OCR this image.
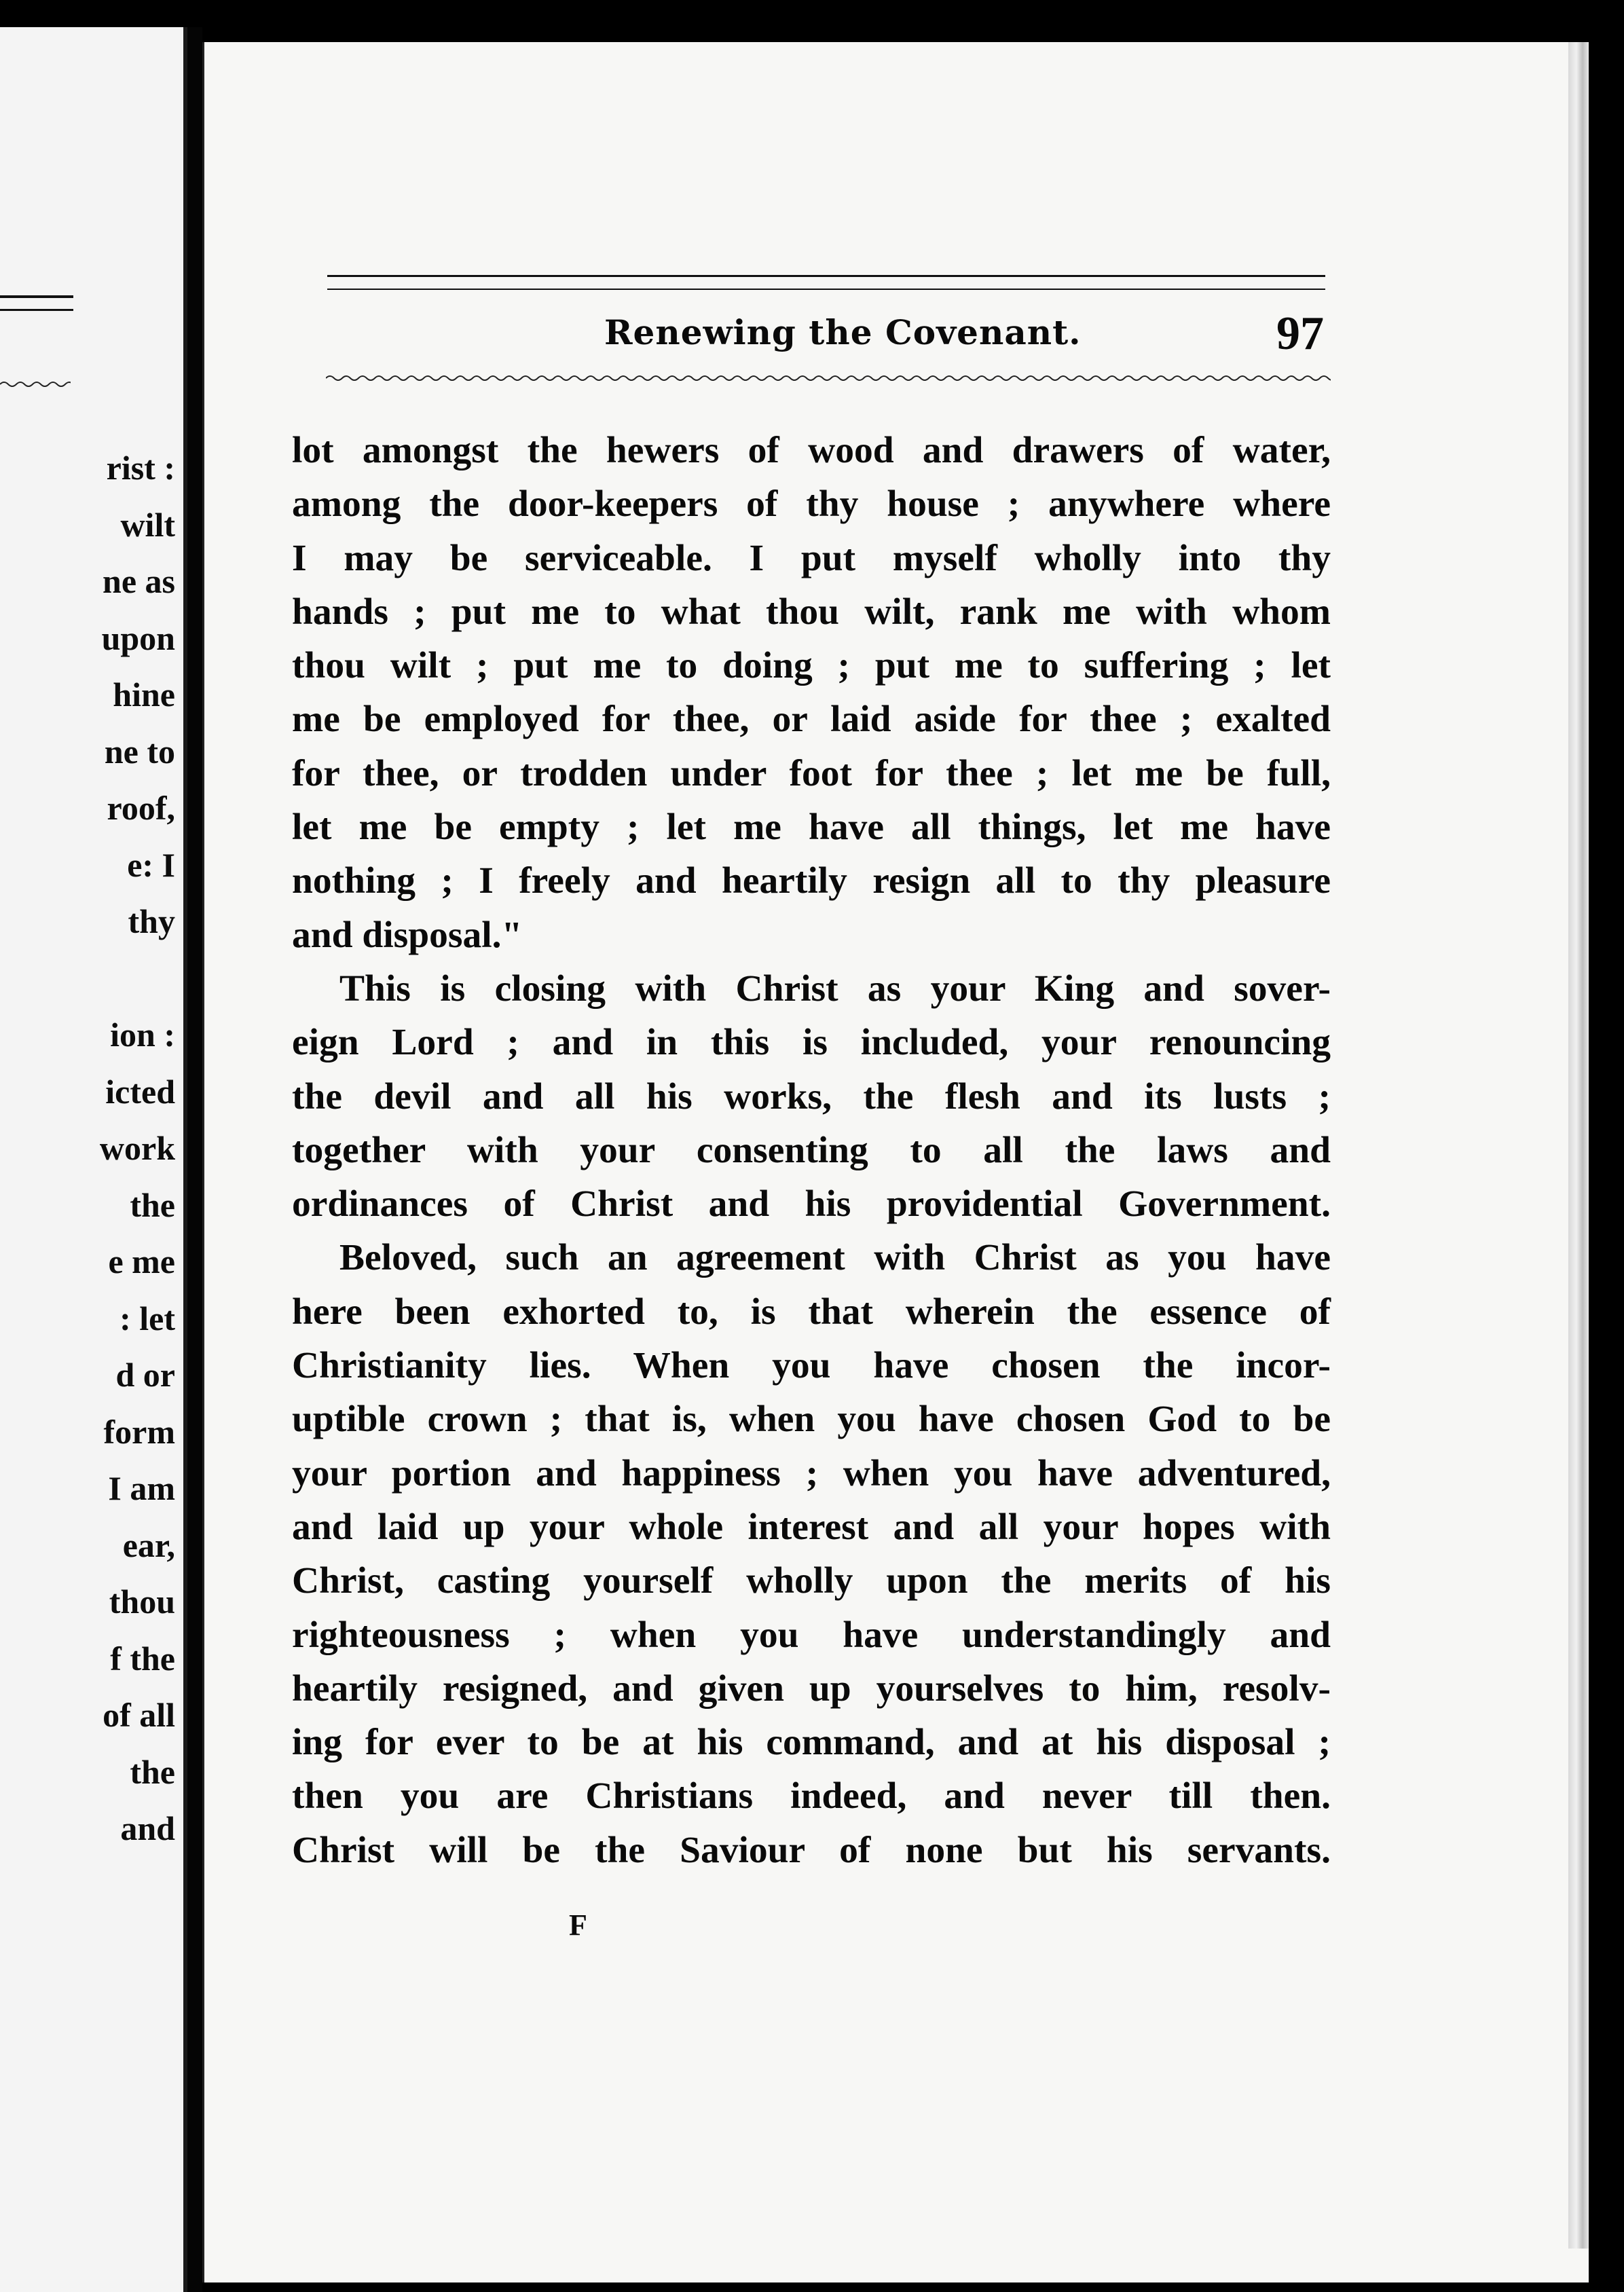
rist :
wilt
ne as
upon
hine
ne to
roof,
e: I
thy

ion :
icted
work
the
e me
: let
d or
form
I am
ear,
thou
f the
of all
the
and
Renewing the Covenant.	97
lot amongst the hewers of wood and drawers of water,
among the door-keepers of thy house ; anywhere where
I may be serviceable. I put myself wholly into thy
hands ; put me to what thou wilt, rank me with whom
thou wilt ; put me to doing ; put me to suffering ; let
me be employed for thee, or laid aside for thee ; exalted
for thee, or trodden under foot for thee ; let me be full,
let me be empty ; let me have all things, let me have
nothing ; I freely and heartily resign all to thy pleasure
and disposal."
This is closing with Christ as your King and sover-
eign Lord ; and in this is included, your renouncing
the devil and all his works, the flesh and its lusts ;
together with your consenting to all the laws and
ordinances of Christ and his providential Government.
Beloved, such an agreement with Christ as you have
here been exhorted to, is that wherein the essence of
Christianity lies. When you have chosen the incor-
uptible crown ; that is, when you have chosen God to be
your portion and happiness ; when you have adventured,
and laid up your whole interest and all your hopes with
Christ, casting yourself wholly upon the merits of his
righteousness ; when you have understandingly and
heartily resigned, and given up yourselves to him, resolv-
ing for ever to be at his command, and at his disposal ;
then you are Christians indeed, and never till then.
Christ will be the Saviour of none but his servants.
F
